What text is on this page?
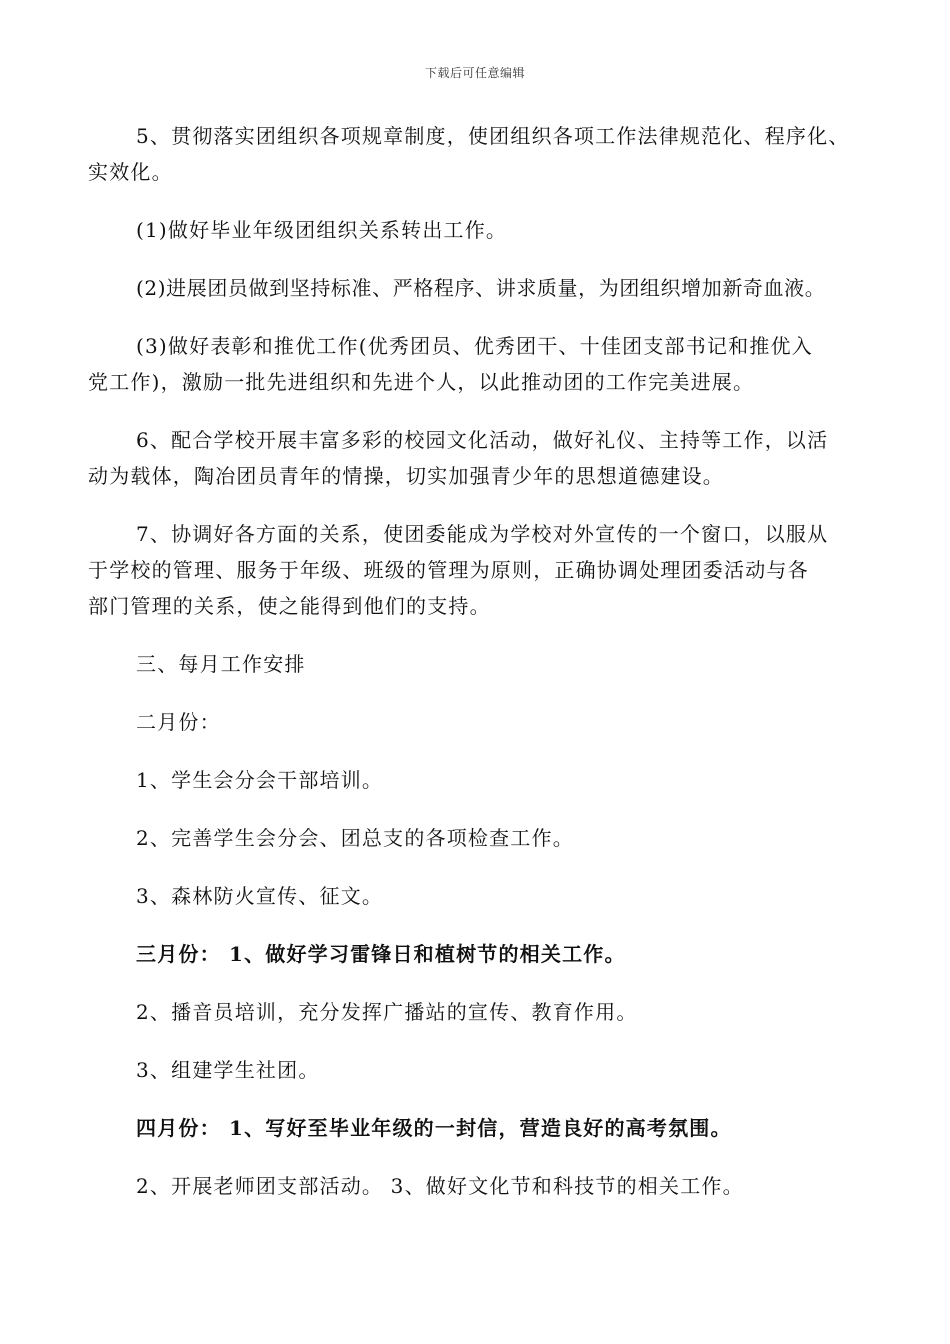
下载后可任意编辑

5、贯彻落实团组织各项规章制度，使团组织各项工作法律规范化、程序化、
实效化。

(1)做好毕业年级团组织关系转出工作。

(2)进展团员做到坚持标准、严格程序、讲求质量，为团组织增加新奇血液。

(3)做好表彰和推优工作(优秀团员、优秀团干、十佳团支部书记和推优入
党工作)，激励一批先进组织和先进个人，以此推动团的工作完美进展。

6、配合学校开展丰富多彩的校园文化活动，做好礼仪、主持等工作，以活
动为载体，陶冶团员青年的情操，切实加强青少年的思想道德建设。

7、协调好各方面的关系，使团委能成为学校对外宣传的一个窗口，以服从
于学校的管理、服务于年级、班级的管理为原则，正确协调处理团委活动与各
部门管理的关系，使之能得到他们的支持。

三、每月工作安排

二月份：

1、学生会分会干部培训。

2、完善学生会分会、团总支的各项检查工作。

3、森林防火宣传、征文。

三月份： 1、做好学习雷锋日和植树节的相关工作。

2、播音员培训，充分发挥广播站的宣传、教育作用。

3、组建学生社团。

四月份： 1、写好至毕业年级的一封信，营造良好的高考氛围。

2、开展老师团支部活动。 3、做好文化节和科技节的相关工作。
